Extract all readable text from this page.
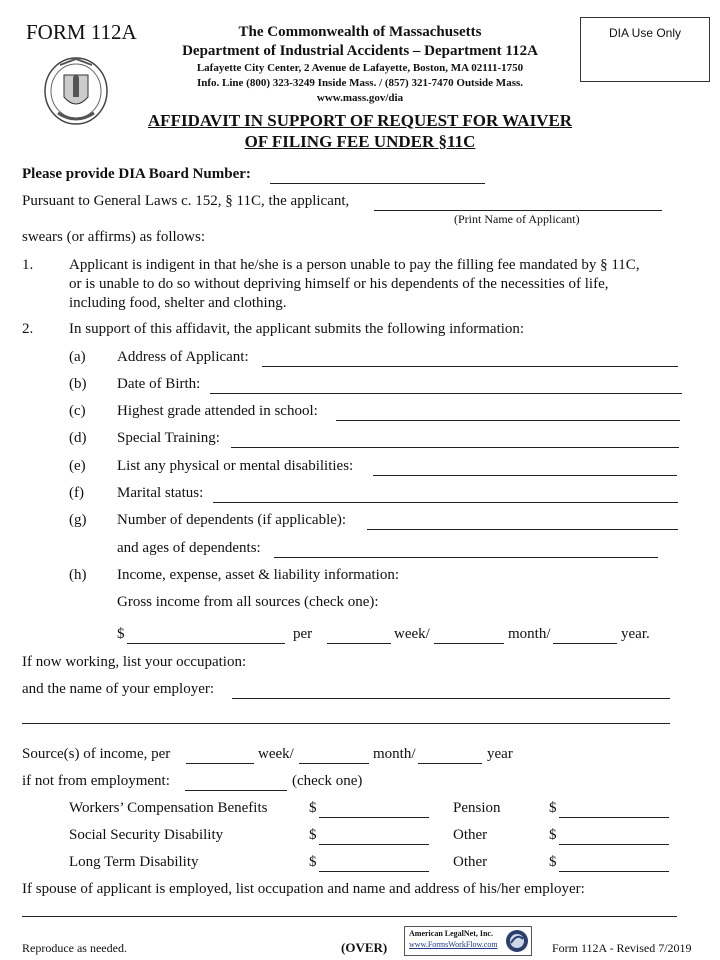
FORM 112A	The Commonwealth of Massachusetts
Department of Industrial Accidents – Department 112A
Lafayette City Center, 2 Avenue de Lafayette, Boston, MA 02111-1750
Info. Line (800) 323-3249 Inside Mass. / (857) 321-7470 Outside Mass.
www.mass.gov/dia
DIA Use Only
AFFIDAVIT IN SUPPORT OF REQUEST FOR WAIVER
OF FILING FEE UNDER §11C
Please provide DIA Board Number:
Pursuant to General Laws c. 152, § 11C, the applicant,
(Print Name of Applicant)
swears (or affirms) as follows:
1. Applicant is indigent in that he/she is a person unable to pay the filling fee mandated by § 11C,
or is unable to do so without depriving himself or his dependents of the necessities of life,
including food, shelter and clothing.
2. In support of this affidavit, the applicant submits the following information:
(a) Address of Applicant:
(b) Date of Birth:
(c) Highest grade attended in school:
(d) Special Training:
(e) List any physical or mental disabilities:
(f) Marital status:
(g) Number of dependents (if applicable):
and ages of dependents:
(h) Income, expense, asset & liability information:
Gross income from all sources (check one):
$	per	week/	month/	year.
If now working, list your occupation:
and the name of your employer:
Source(s) of income, per	week/	month/	year
if not from employment:	(check one)
Workers’ Compensation Benefits	$	Pension	$
Social Security Disability	$	Other	$
Long Term Disability	$	Other	$
If spouse of applicant is employed, list occupation and name and address of his/her employer:
Reproduce as needed.	(OVER)
American LegalNet, Inc.
www.FormsWorkFlow.com	Form 112A - Revised 7/2019
